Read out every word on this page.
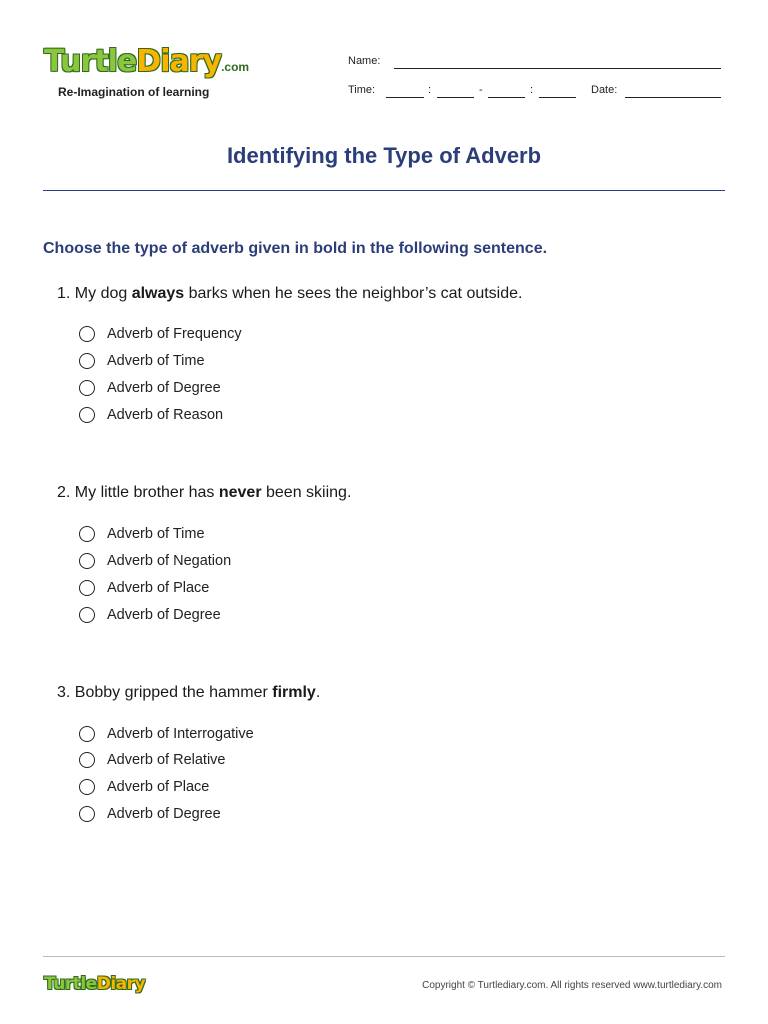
TurtleDiary.com
Re-Imagination of learning
Name:
Time:	:	-	:	Date:
Identifying the Type of Adverb
Choose the type of adverb given in bold in the following sentence.
1. My dog always barks when he sees the neighbor’s cat outside.
Adverb of Frequency
Adverb of Time
Adverb of Degree
Adverb of Reason
2. My little brother has never been skiing.
Adverb of Time
Adverb of Negation
Adverb of Place
Adverb of Degree
3. Bobby gripped the hammer firmly.
Adverb of Interrogative
Adverb of Relative
Adverb of Place
Adverb of Degree
TurtleDiary	Copyright © Turtlediary.com. All rights reserved www.turtlediary.com
